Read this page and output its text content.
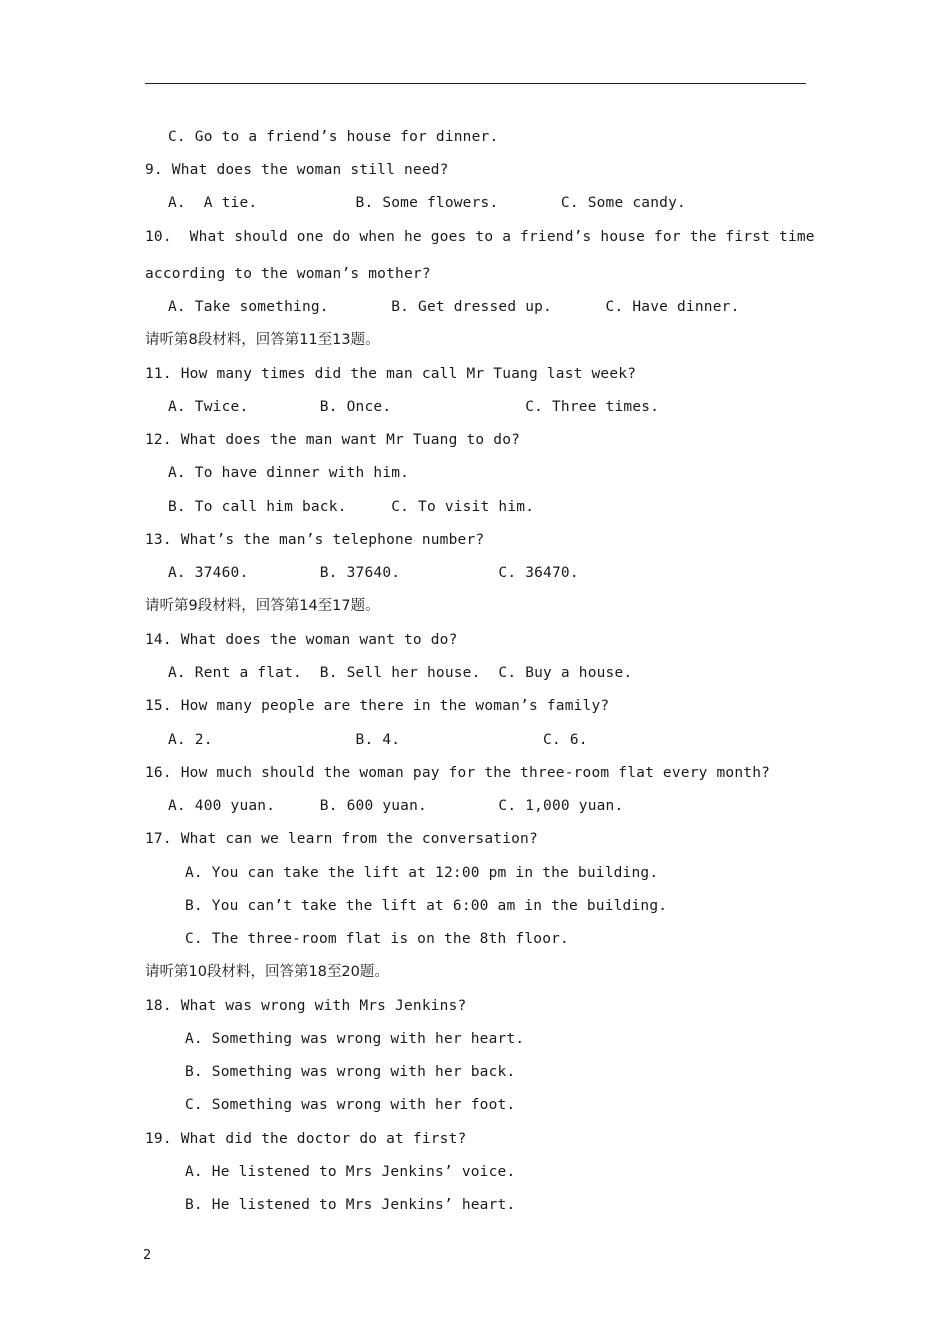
C. Go to a friend’s house for dinner.
9. What does the woman still need?
A.  A tie.           B. Some flowers.       C. Some candy.
10.  What should one do when he goes to a friend’s house for the first time
according to the woman’s mother?
A. Take something.       B. Get dressed up.      C. Have dinner.
请听第8段材料，回答第11至13题。
11. How many times did the man call Mr Tuang last week?
A. Twice.        B. Once.               C. Three times.
12. What does the man want Mr Tuang to do?
A. To have dinner with him.
B. To call him back.     C. To visit him.
13. What’s the man’s telephone number?
A. 37460.        B. 37640.           C. 36470.
请听第9段材料，回答第14至17题。
14. What does the woman want to do?
A. Rent a flat.  B. Sell her house.  C. Buy a house.
15. How many people are there in the woman’s family?
A. 2.                B. 4.                C. 6.
16. How much should the woman pay for the three-room flat every month?
A. 400 yuan.     B. 600 yuan.        C. 1,000 yuan.
17. What can we learn from the conversation?
A. You can take the lift at 12:00 pm in the building.
B. You can’t take the lift at 6:00 am in the building.
C. The three-room flat is on the 8th floor.
请听第10段材料，回答第18至20题。
18. What was wrong with Mrs Jenkins?
A. Something was wrong with her heart.
B. Something was wrong with her back.
C. Something was wrong with her foot.
19. What did the doctor do at first?
A. He listened to Mrs Jenkins’ voice.
B. He listened to Mrs Jenkins’ heart.
2
